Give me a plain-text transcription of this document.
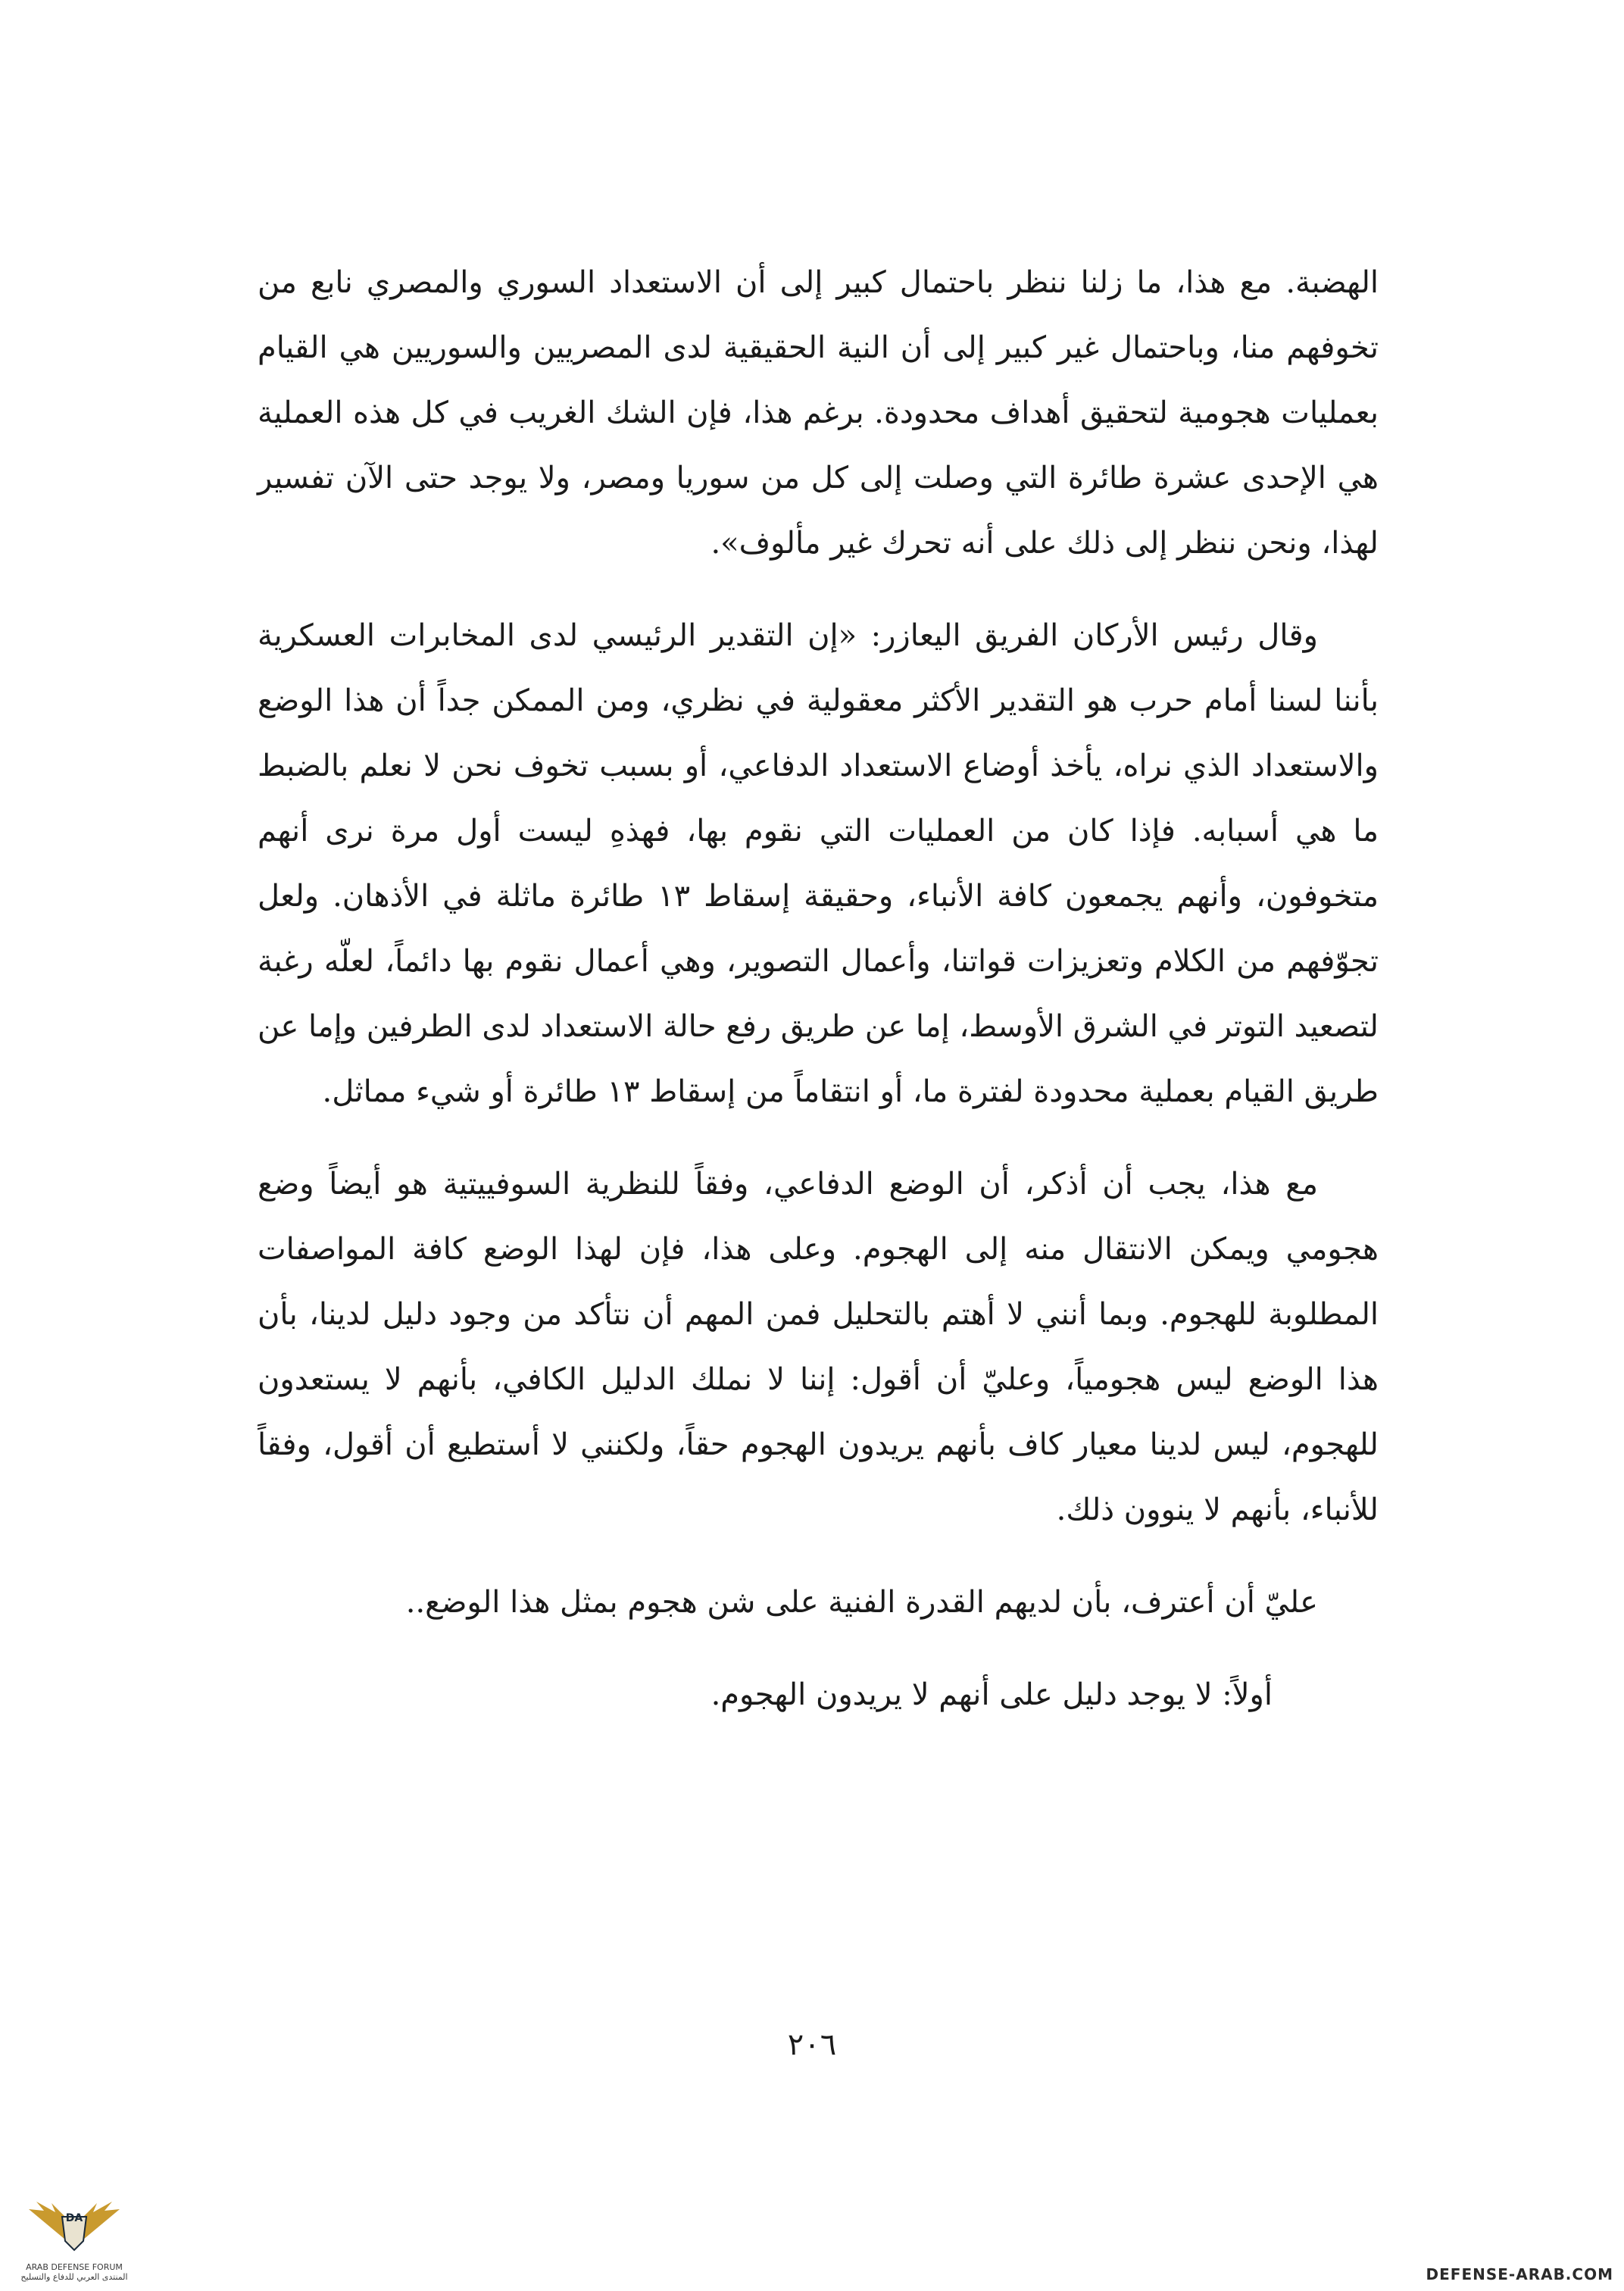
الهضبة. مع هذا، ما زلنا ننظر باحتمال كبير إلى أن الاستعداد السوري والمصري نابع من تخوفهم منا، وباحتمال غير كبير إلى أن النية الحقيقية لدى المصريين والسوريين هي القيام بعمليات هجومية لتحقيق أهداف محدودة. برغم هذا، فإن الشك الغريب في كل هذه العملية هي الإحدى عشرة طائرة التي وصلت إلى كل من سوريا ومصر، ولا يوجد حتى الآن تفسير لهذا، ونحن ننظر إلى ذلك على أنه تحرك غير مألوف».

وقال رئيس الأركان الفريق اليعازر: «إن التقدير الرئيسي لدى المخابرات العسكرية بأننا لسنا أمام حرب هو التقدير الأكثر معقولية في نظري، ومن الممكن جداً أن هذا الوضع والاستعداد الذي نراه، يأخذ أوضاع الاستعداد الدفاعي، أو بسبب تخوف نحن لا نعلم بالضبط ما هي أسبابه. فإذا كان من العمليات التي نقوم بها، فهذهِ ليست أول مرة نرى أنهم متخوفون، وأنهم يجمعون كافة الأنباء، وحقيقة إسقاط ١٣ طائرة ماثلة في الأذهان. ولعل تجوّفهم من الكلام وتعزيزات قواتنا، وأعمال التصوير، وهي أعمال نقوم بها دائماً، لعلّه رغبة لتصعيد التوتر في الشرق الأوسط، إما عن طريق رفع حالة الاستعداد لدى الطرفين وإما عن طريق القيام بعملية محدودة لفترة ما، أو انتقاماً من إسقاط ١٣ طائرة أو شيء مماثل.

مع هذا، يجب أن أذكر، أن الوضع الدفاعي، وفقاً للنظرية السوفييتية هو أيضاً وضع هجومي ويمكن الانتقال منه إلى الهجوم. وعلى هذا، فإن لهذا الوضع كافة المواصفات المطلوبة للهجوم. وبما أنني لا أهتم بالتحليل فمن المهم أن نتأكد من وجود دليل لدينا، بأن هذا الوضع ليس هجومياً، وعليّ أن أقول: إننا لا نملك الدليل الكافي، بأنهم لا يستعدون للهجوم، ليس لدينا معيار كاف بأنهم يريدون الهجوم حقاً، ولكنني لا أستطيع أن أقول، وفقاً للأنباء، بأنهم لا ينوون ذلك.

عليّ أن أعترف، بأن لديهم القدرة الفنية على شن هجوم بمثل هذا الوضع..

أولاً: لا يوجد دليل على أنهم لا يريدون الهجوم.

٢٠٦
DA
ARAB DEFENSE FORUM
المنتدى العربي للدفاع والتسليح	DEFENSE-ARAB.COM
